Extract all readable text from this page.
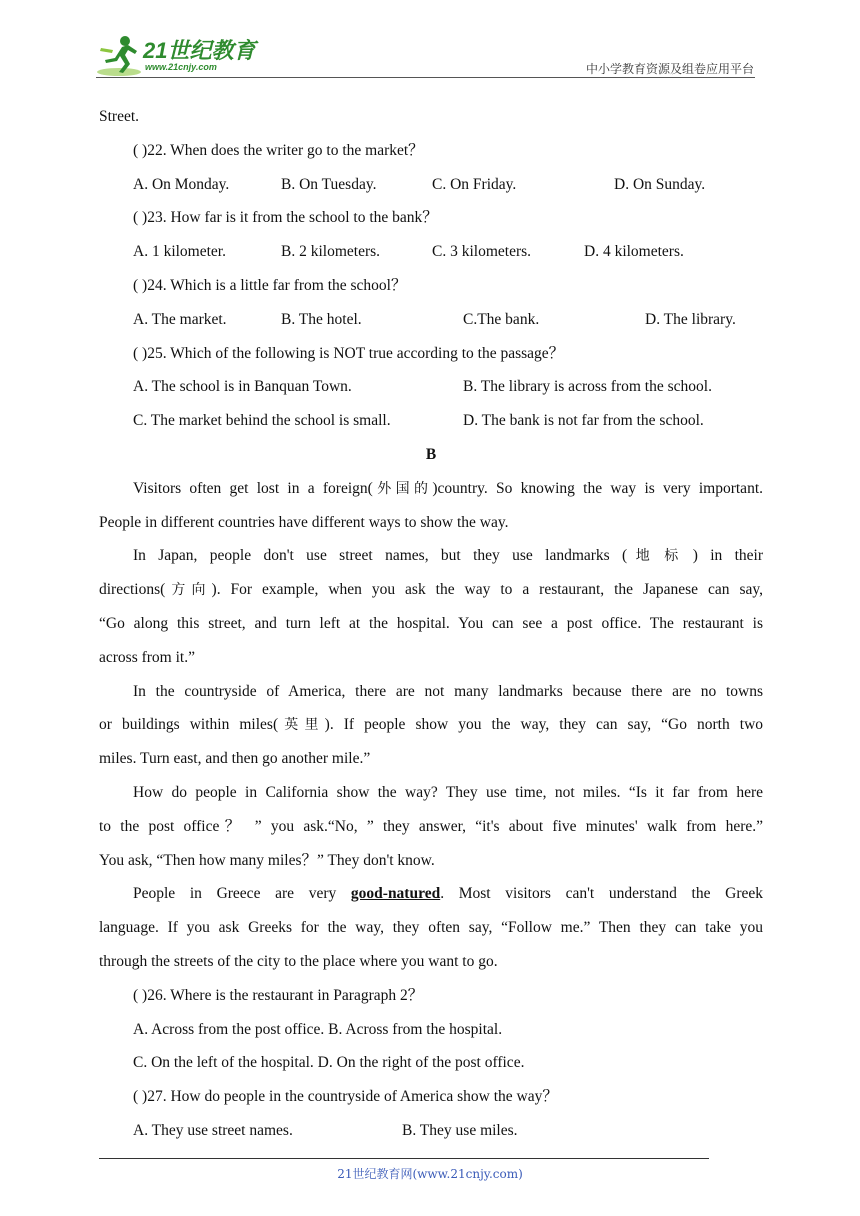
21世纪教育
www.21cnjy.com	中小学教育资源及组卷应用平台
Street.
( )22. When does the writer go to the market？
A. On Monday.	B. On Tuesday.	C. On Friday.	D. On Sunday.
( )23. How far is it from the school to the bank？
A. 1 kilometer.	B. 2 kilometers.	C. 3 kilometers.	D. 4 kilometers.
( )24. Which is a little far from the school？
A. The market.	B. The hotel.	C.The bank.	D. The library.
( )25. Which of the following is NOT true according to the passage？
A. The school is in Banquan Town.	B. The library is across from the school.
C. The market behind the school is small.	D. The bank is not far from the school.
B
Visitors often get lost in a foreign(外国的)country. So knowing the way is very important.
People in different countries have different ways to show the way.
In Japan, people don't use street names, but they use landmarks (地标) in their
directions(方向). For example, when you ask the way to a restaurant, the Japanese can say,
“Go along this street, and turn left at the hospital. You can see a post office. The restaurant is
across from it.”
In the countryside of America, there are not many landmarks because there are no towns
or buildings within miles(英里). If people show you the way, they can say, “Go north two
miles. Turn east, and then go another mile.”
How do people in California show the way? They use time, not miles. “Is it far from here
to the post office？ ” you ask.“No, ” they answer, “it's about five minutes' walk from here.”
You ask, “Then how many miles？” They don't know.
People in Greece are very good-natured. Most visitors can't understand the Greek
language. If you ask Greeks for the way, they often say, “Follow me.” Then they can take you
through the streets of the city to the place where you want to go.
( )26. Where is the restaurant in Paragraph 2？
A. Across from the post office. B. Across from the hospital.
C. On the left of the hospital. D. On the right of the post office.
( )27. How do people in the countryside of America show the way？
A. They use street names.	B. They use miles.
21世纪教育网(www.21cnjy.com)
